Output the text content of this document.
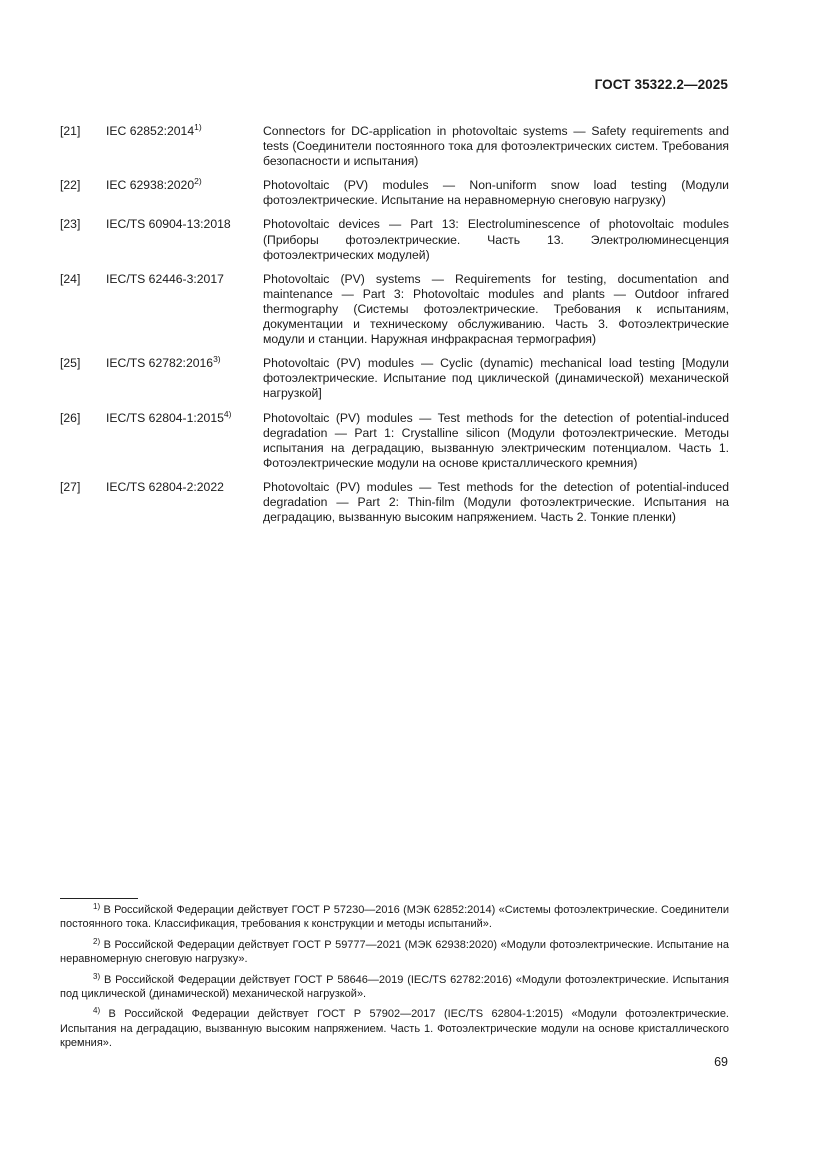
ГОСТ 35322.2—2025
[21] IEC 62852:2014$^{1)}$	Connectors for DC-application in photovoltaic systems — Safety requirements and tests (Соединители постоянного тока для фотоэлектрических систем. Требования безопасности и испытания)
[22] IEC 62938:2020$^{2)}$	Photovoltaic (PV) modules — Non-uniform snow load testing (Модули фотоэлектрические. Испытание на неравномерную снеговую нагрузку)
[23] IEC/TS 60904-13:2018	Photovoltaic devices — Part 13: Electroluminescence of photovoltaic modules (Приборы фотоэлектрические. Часть 13. Электролюминесценция фотоэлектрических модулей)
[24] IEC/TS 62446-3:2017	Photovoltaic (PV) systems — Requirements for testing, documentation and maintenance — Part 3: Photovoltaic modules and plants — Outdoor infrared thermography (Системы фотоэлектрические. Требования к испытаниям, документации и техническому обслуживанию. Часть 3. Фотоэлектрические модули и станции. Наружная инфракрасная термография)
[25] IEC/TS 62782:2016$^{3)}$	Photovoltaic (PV) modules — Cyclic (dynamic) mechanical load testing [Модули фотоэлектрические. Испытание под циклической (динамической) механической нагрузкой]
[26] IEC/TS 62804-1:2015$^{4)}$	Photovoltaic (PV) modules — Test methods for the detection of potential-induced degradation — Part 1: Crystalline silicon (Модули фотоэлектрические. Методы испытания на деградацию, вызванную электрическим потенциалом. Часть 1. Фотоэлектрические модули на основе кристаллического кремния)
[27] IEC/TS 62804-2:2022	Photovoltaic (PV) modules — Test methods for the detection of potential-induced degradation — Part 2: Thin-film (Модули фотоэлектрические. Испытания на деградацию, вызванную высоким напряжением. Часть 2. Тонкие пленки)
$^{1)}$ В Российской Федерации действует ГОСТ Р 57230—2016 (МЭК 62852:2014) «Системы фотоэлектрические. Соединители постоянного тока. Классификация, требования к конструкции и методы испытаний».
$^{2)}$ В Российской Федерации действует ГОСТ Р 59777—2021 (МЭК 62938:2020) «Модули фотоэлектрические. Испытание на неравномерную снеговую нагрузку».
$^{3)}$ В Российской Федерации действует ГОСТ Р 58646—2019 (IEC/TS 62782:2016) «Модули фотоэлектрические. Испытания под циклической (динамической) механической нагрузкой».
$^{4)}$ В Российской Федерации действует ГОСТ Р 57902—2017 (IEC/TS 62804-1:2015) «Модули фотоэлектрические. Испытания на деградацию, вызванную высоким напряжением. Часть 1. Фотоэлектрические модули на основе кристаллического кремния».
69
